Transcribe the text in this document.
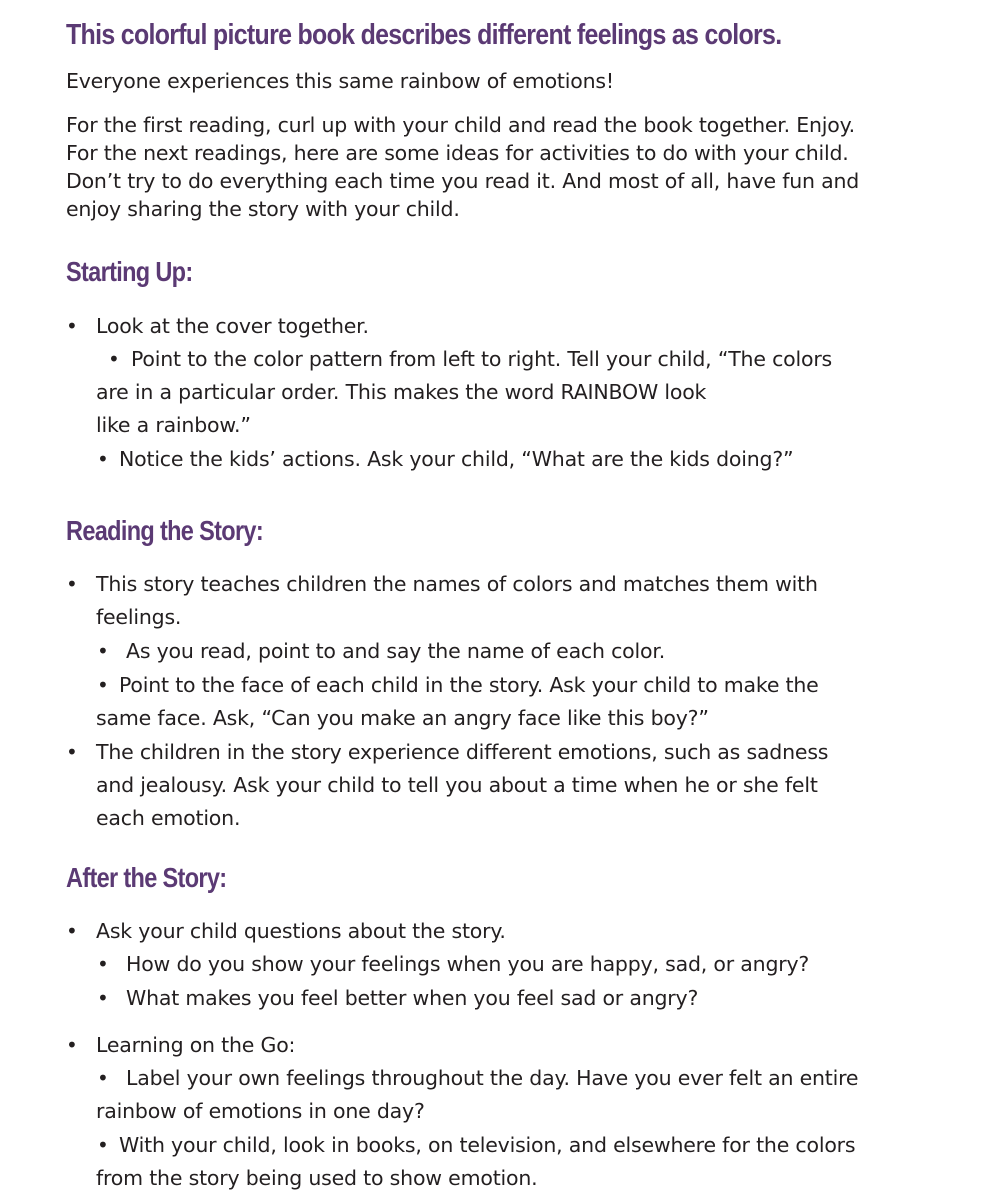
This colorful picture book describes different feelings as colors.

Everyone experiences this same rainbow of emotions!

For the first reading, curl up with your child and read the book together. Enjoy.

For the next readings, here are some ideas for activities to do with your child.

Don’t try to do everything each time you read it. And most of all, have fun and

enjoy sharing the story with your child.

Starting Up:
• Look at the cover together.

• Point to the color pattern from left to right. Tell your child, “The colors

are in a particular order. This makes the word RAINBOW look

like a rainbow.”

• Notice the kids’ actions. Ask your child, “What are the kids doing?”

Reading the Story:
• This story teaches children the names of colors and matches them with

feelings.

• As you read, point to and say the name of each color.

• Point to the face of each child in the story. Ask your child to make the

same face. Ask, “Can you make an angry face like this boy?”

• The children in the story experience different emotions, such as sadness

and jealousy. Ask your child to tell you about a time when he or she felt

each emotion.

After the Story:
• Ask your child questions about the story.

• How do you show your feelings when you are happy, sad, or angry?

• What makes you feel better when you feel sad or angry?

• Learning on the Go:

• Label your own feelings throughout the day. Have you ever felt an entire

rainbow of emotions in one day?

• With your child, look in books, on television, and elsewhere for the colors

from the story being used to show emotion.
